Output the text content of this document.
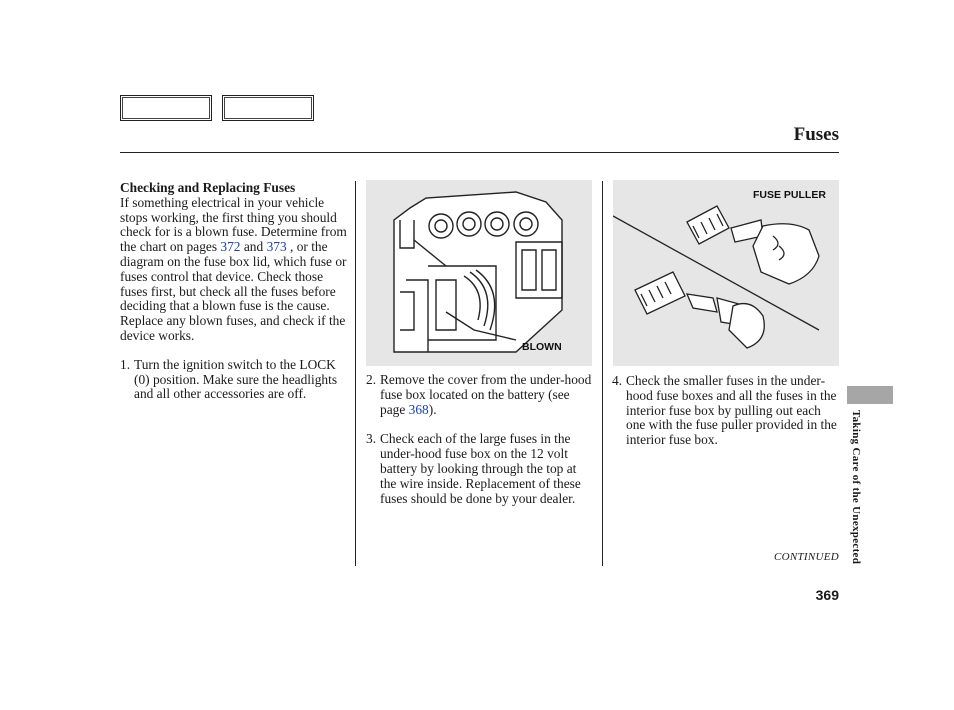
Fuses
Checking and Replacing Fuses
If something electrical in your vehicle stops working, the first thing you should check for is a blown fuse. Determine from the chart on pages 372 and 373 , or the diagram on the fuse box lid, which fuse or fuses control that device. Check those fuses first, but check all the fuses before deciding that a blown fuse is the cause. Replace any blown fuses, and check if the device works.
1. Turn the ignition switch to the LOCK (0) position. Make sure the headlights and all other accessories are off.
BLOWN
2. Remove the cover from the under-hood fuse box located on the battery (see page 368).
3. Check each of the large fuses in the under-hood fuse box on the 12 volt battery by looking through the top at the wire inside. Replacement of these fuses should be done by your dealer.
FUSE PULLER
4. Check the smaller fuses in the under-hood fuse boxes and all the fuses in the interior fuse box by pulling out each one with the fuse puller provided in the interior fuse box.	Taking Care of the Unexpected
CONTINUED
369
